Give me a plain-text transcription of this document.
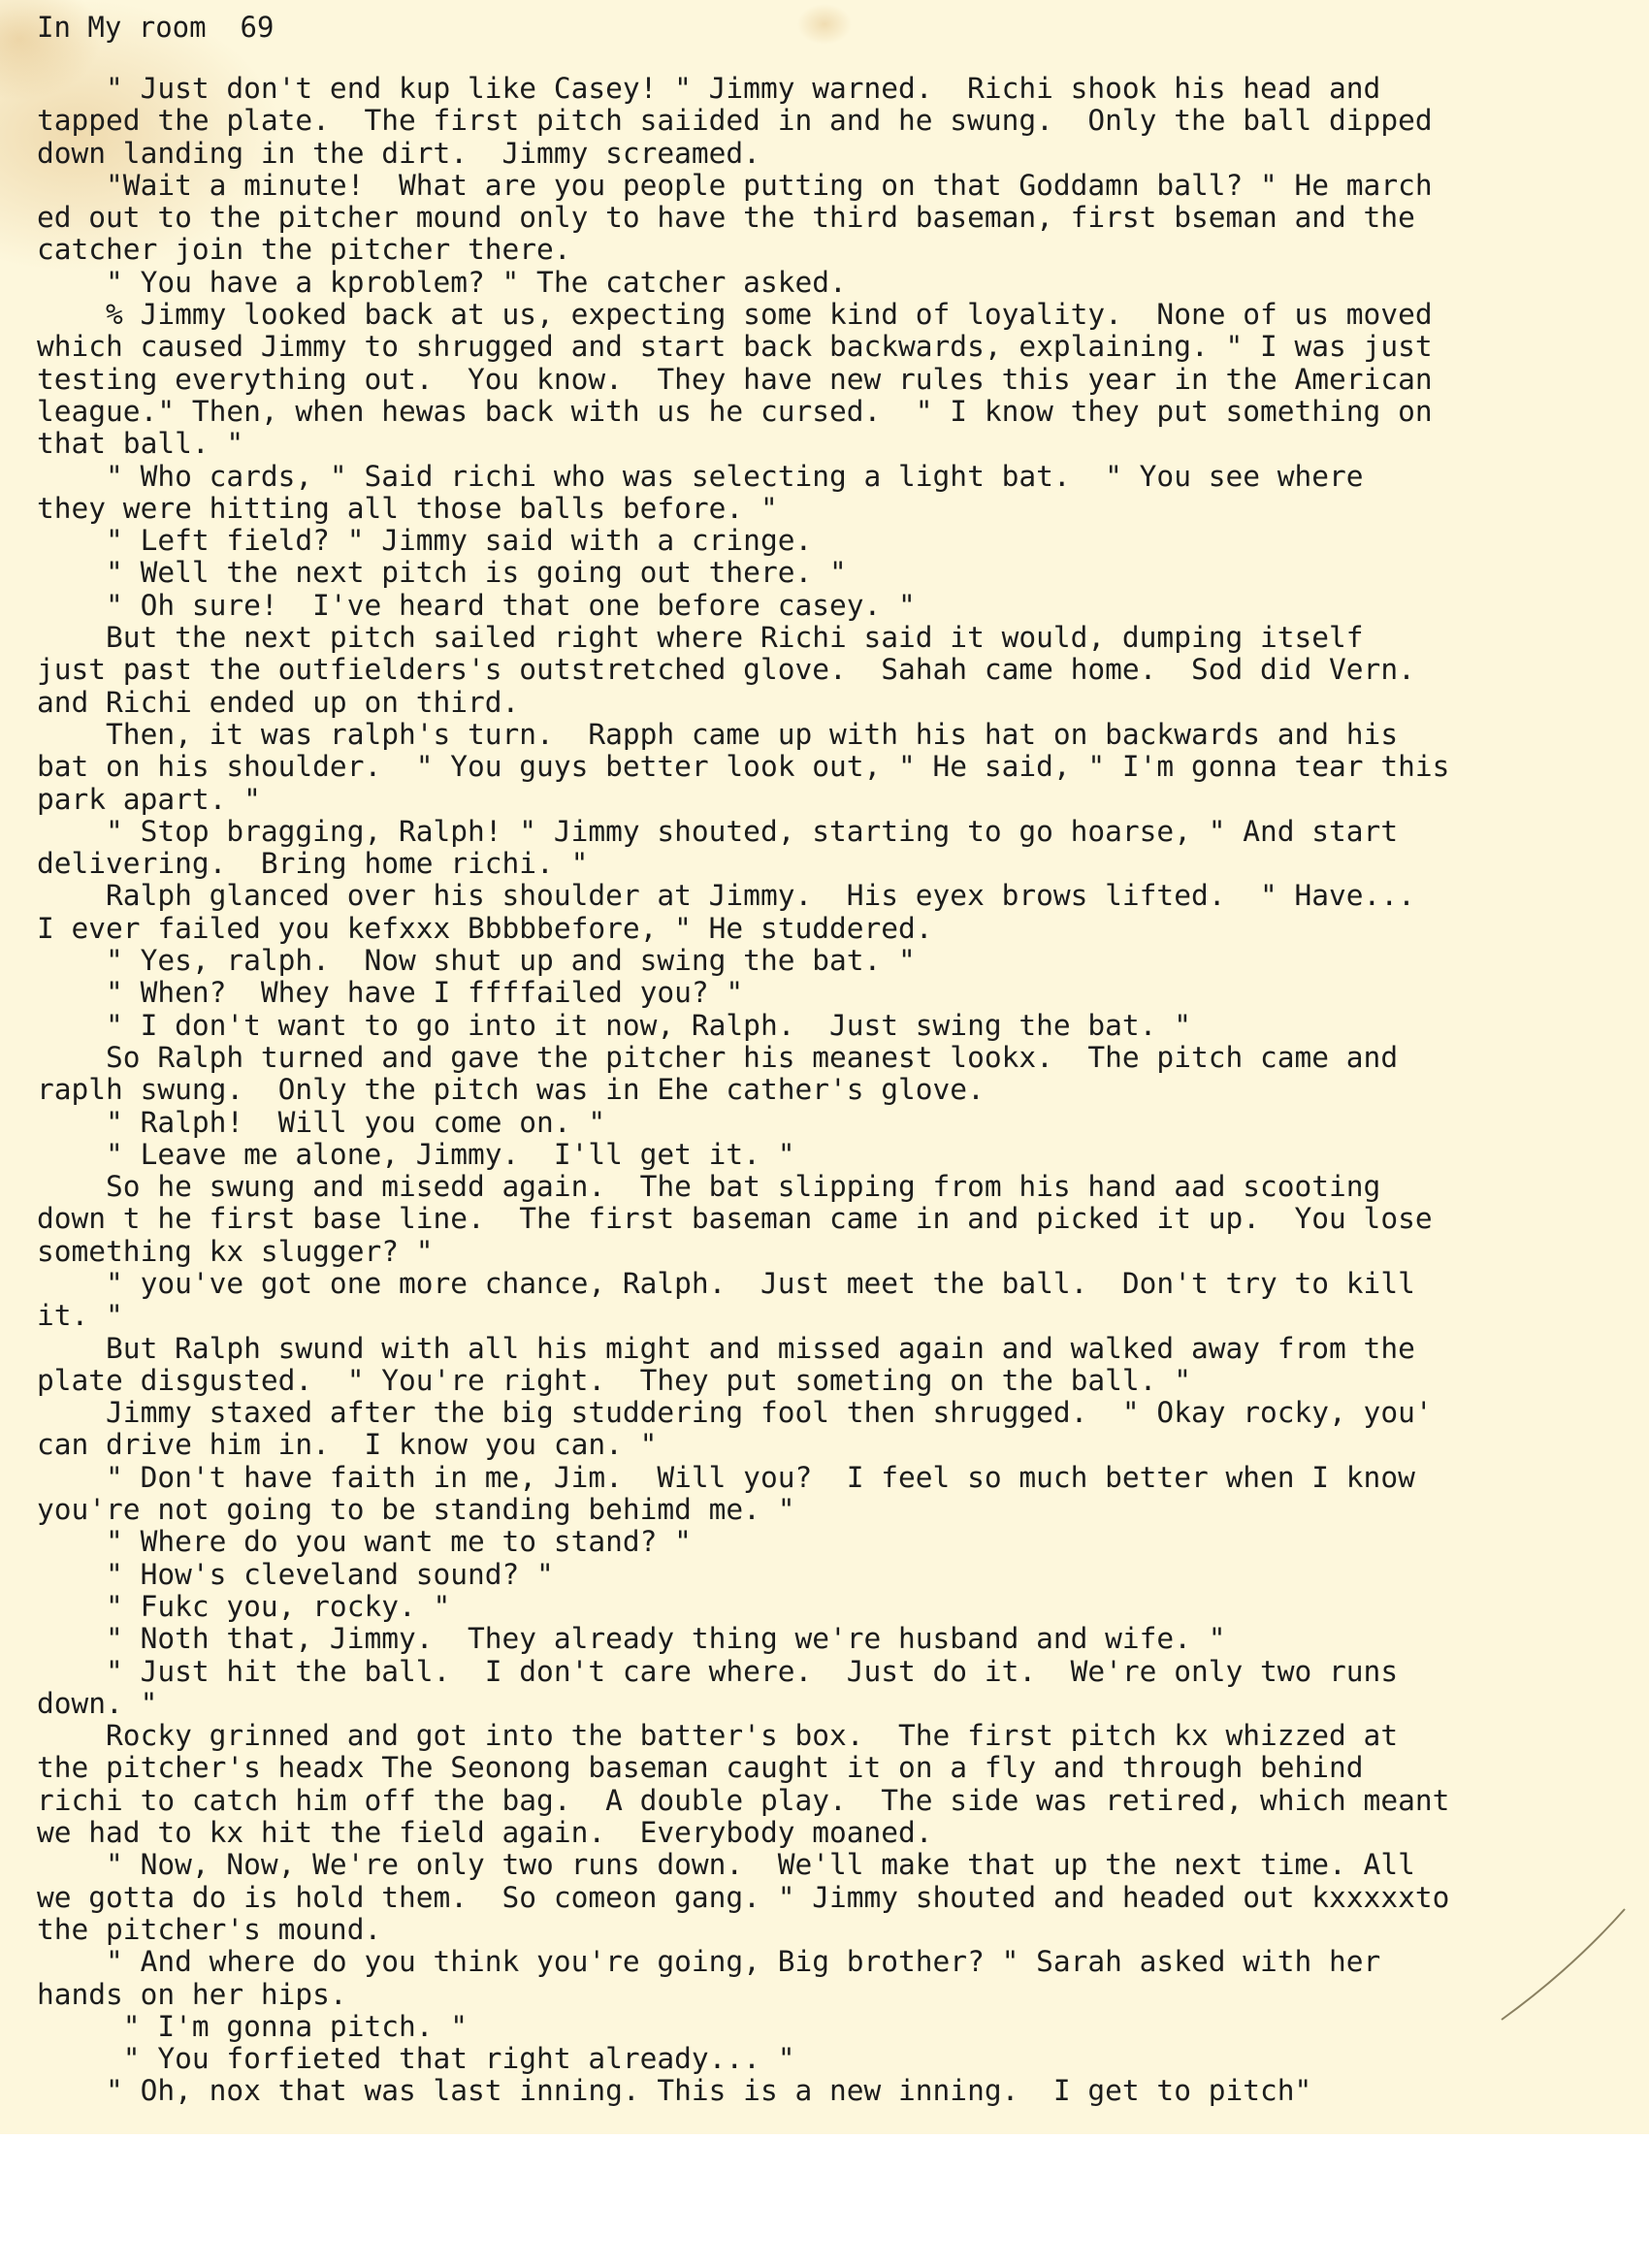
In My room 69
" Just don't end kup like Casey! " Jimmy warned.  Richi shook his head and
tapped the plate.  The first pitch saiided in and he swung.  Only the ball dipped
down landing in the dirt.  Jimmy screamed.
"Wait a minute!  What are you people putting on that Goddamn ball? " He march
ed out to the pitcher mound only to have the third baseman, first bseman and the
catcher join the pitcher there.
" You have a kproblem? " The catcher asked.
% Jimmy looked back at us, expecting some kind of loyality.  None of us moved
which caused Jimmy to shrugged and start back backwards, explaining. " I was just
testing everything out.  You know.  They have new rules this year in the American
league." Then, when hewas back with us he cursed.  " I know they put something on
that ball. "
" Who cards, " Said richi who was selecting a light bat.  " You see where
they were hitting all those balls before. "
" Left field? " Jimmy said with a cringe.
" Well the next pitch is going out there. "
" Oh sure!  I've heard that one before casey. "
But the next pitch sailed right where Richi said it would, dumping itself
just past the outfielders's outstretched glove.  Sahah came home.  Sod did Vern.
and Richi ended up on third.
Then, it was ralph's turn.  Rapph came up with his hat on backwards and his
bat on his shoulder.  " You guys better look out, " He said, " I'm gonna tear this
park apart. "
" Stop bragging, Ralph! " Jimmy shouted, starting to go hoarse, " And start
delivering.  Bring home richi. "
Ralph glanced over his shoulder at Jimmy.  His eyex brows lifted.  " Have...
I ever failed you kefxxx Bbbbbefore, " He studdered.
" Yes, ralph.  Now shut up and swing the bat. "
" When?  Whey have I ffffailed you? "
" I don't want to go into it now, Ralph.  Just swing the bat. "
So Ralph turned and gave the pitcher his meanest lookx.  The pitch came and
raplh swung.  Only the pitch was in Ehe cather's glove.
" Ralph!  Will you come on. "
" Leave me alone, Jimmy.  I'll get it. "
So he swung and misedd again.  The bat slipping from his hand aad scooting
down t he first base line.  The first baseman came in and picked it up.  You lose
something kx slugger? "
" you've got one more chance, Ralph.  Just meet the ball.  Don't try to kill
it. "
But Ralph swund with all his might and missed again and walked away from the
plate disgusted.  " You're right.  They put someting on the ball. "
Jimmy staxed after the big studdering fool then shrugged.  " Okay rocky, you'
can drive him in.  I know you can. "
" Don't have faith in me, Jim.  Will you?  I feel so much better when I know
you're not going to be standing behimd me. "
" Where do you want me to stand? "
" How's cleveland sound? "
" Fukc you, rocky. "
" Noth that, Jimmy.  They already thing we're husband and wife. "
" Just hit the ball.  I don't care where.  Just do it.  We're only two runs
down. "
Rocky grinned and got into the batter's box.  The first pitch kx whizzed at
the pitcher's headx The Seonong baseman caught it on a fly and through behind
richi to catch him off the bag.  A double play.  The side was retired, which meant
we had to kx hit the field again.  Everybody moaned.
" Now, Now, We're only two runs down.  We'll make that up the next time. All
we gotta do is hold them.  So comeon gang. " Jimmy shouted and headed out kxxxxxto
the pitcher's mound.
" And where do you think you're going, Big brother? " Sarah asked with her
hands on her hips.
" I'm gonna pitch. "
" You forfieted that right already... "
" Oh, nox that was last inning. This is a new inning.  I get to pitch"
